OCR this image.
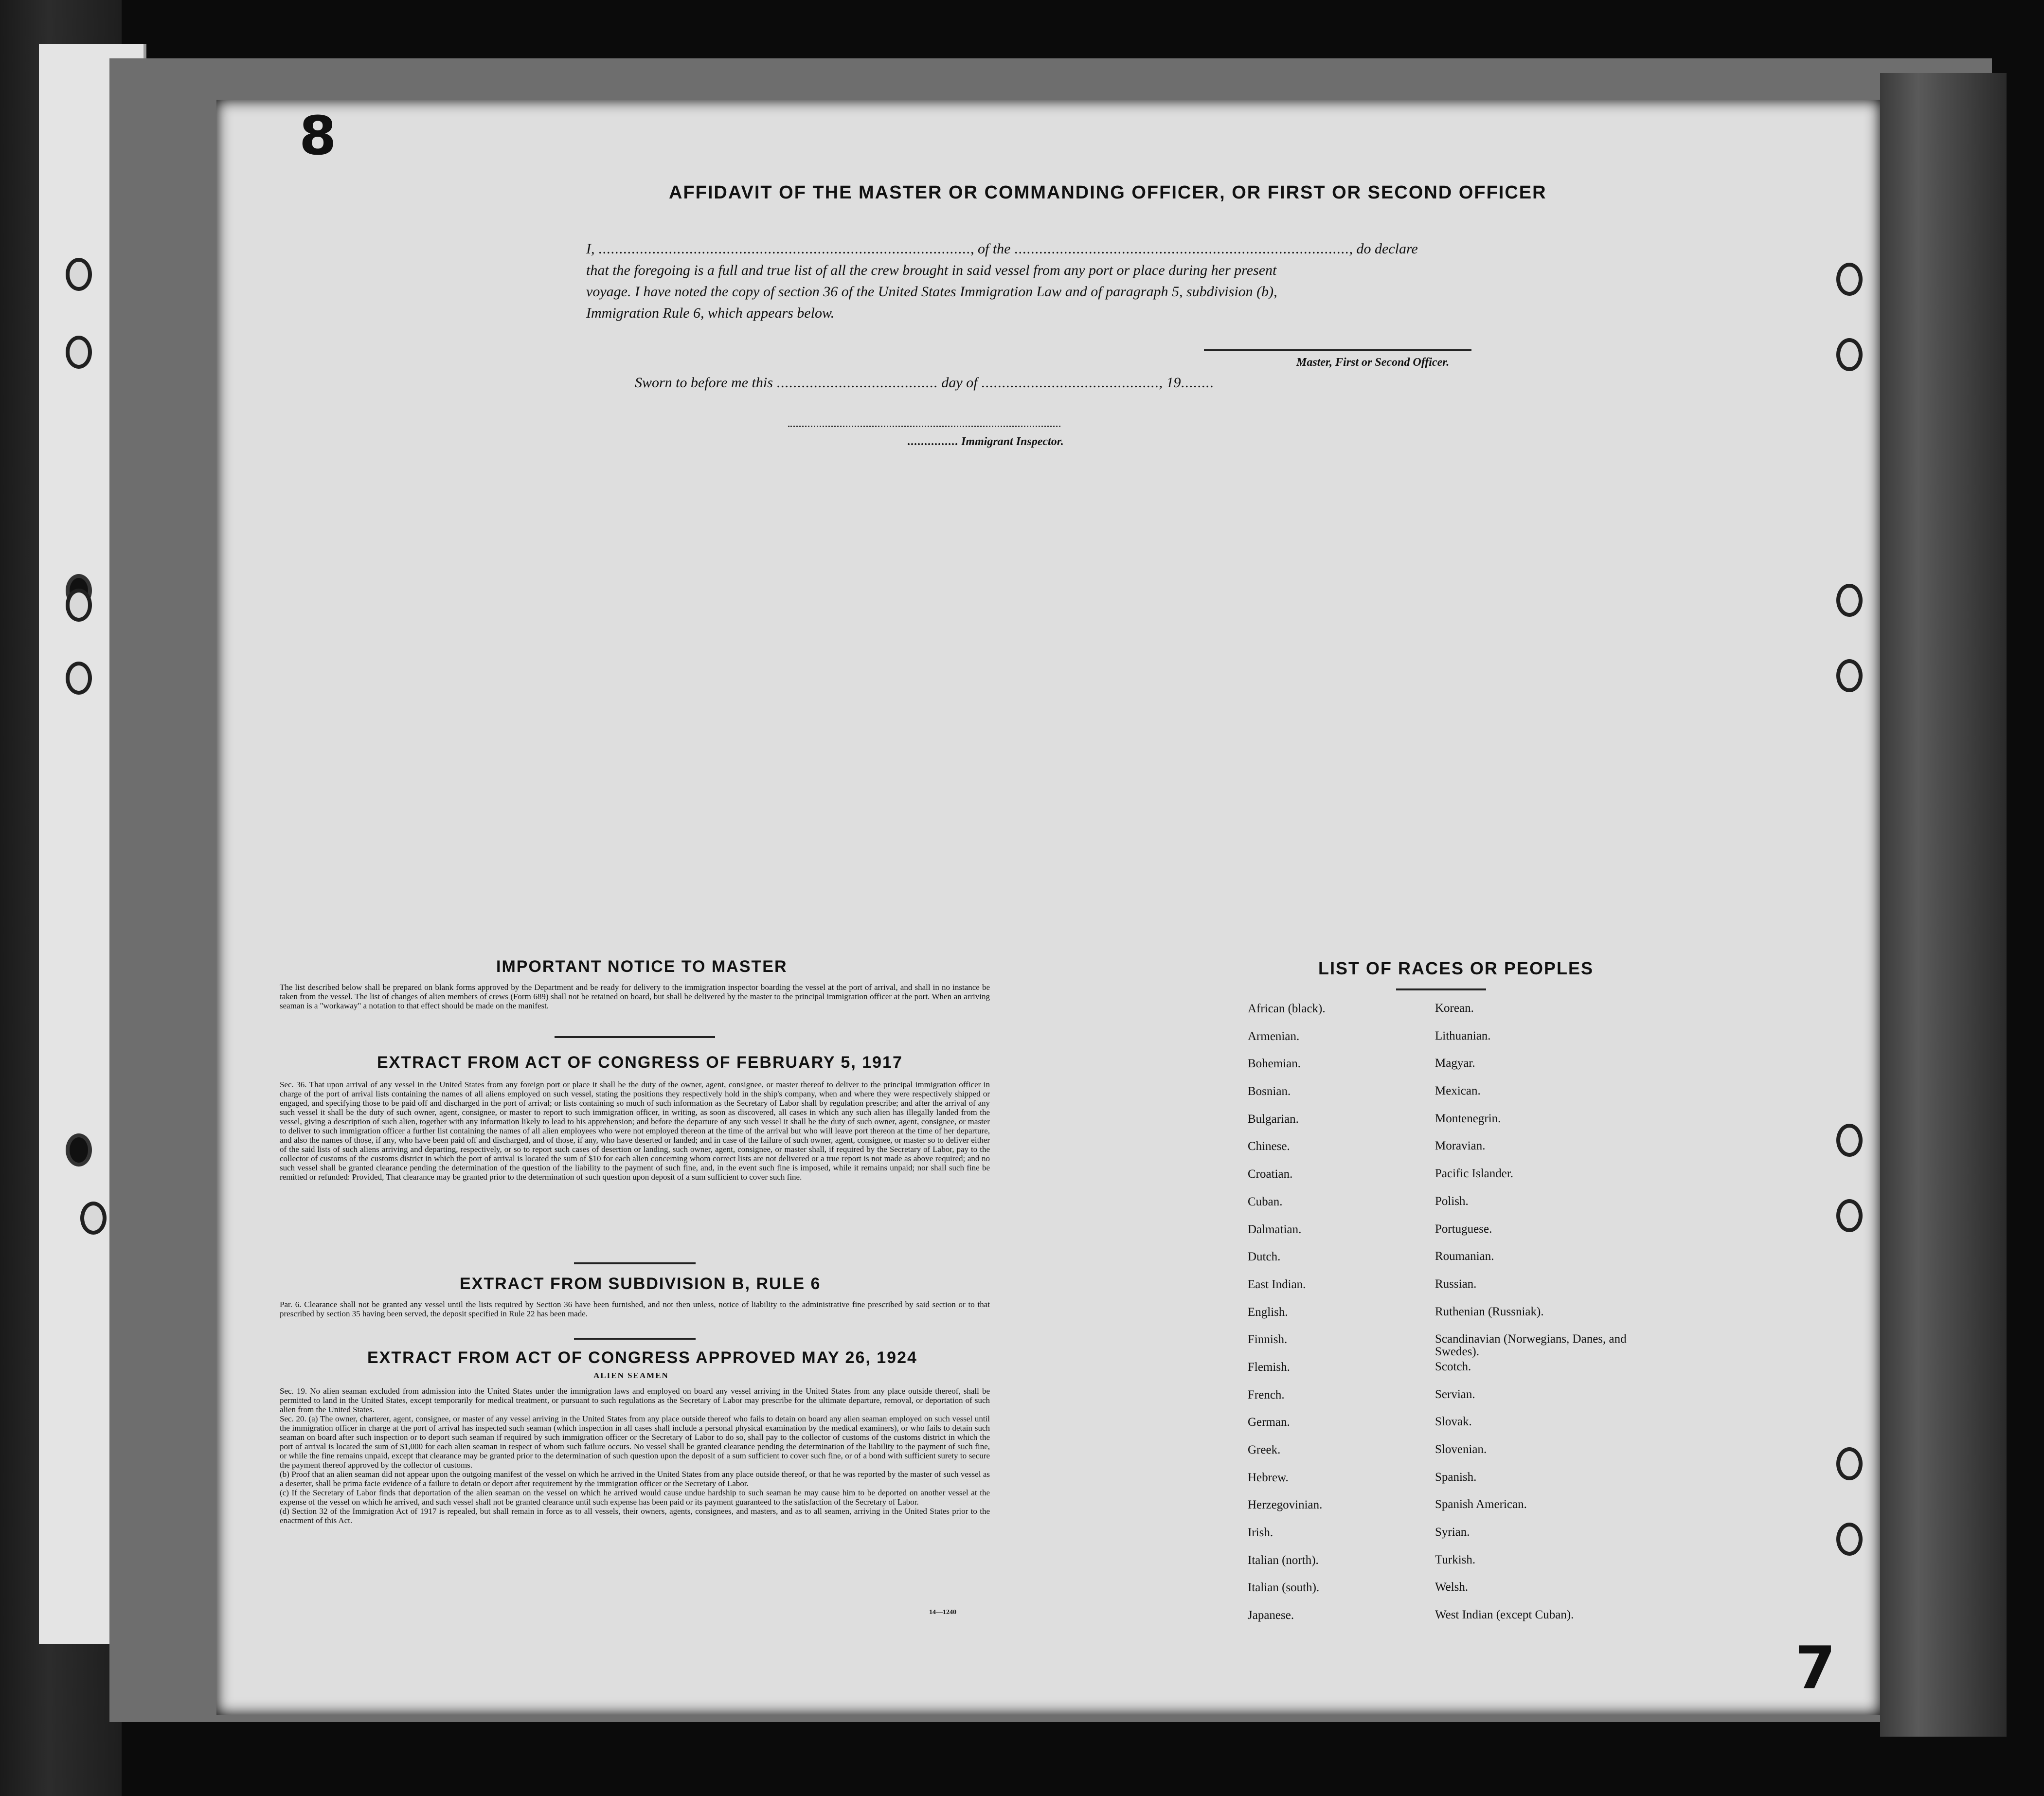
8
7
AFFIDAVIT OF THE MASTER OR COMMANDING OFFICER, OR FIRST OR SECOND OFFICER

I, .........................................................................................., of the ................................................................................., do declare

that the foregoing is a full and true list of all the crew brought in said vessel from any port or place during her present

voyage. I have noted the copy of section 36 of the United States Immigration Law and of paragraph 5, subdivision (b),

Immigration Rule 6, which appears below.

Master, First or Second Officer.
Sworn to before me this ....................................... day of ..........................................., 19........
............... Immigrant Inspector.
IMPORTANT NOTICE TO MASTER
The list described below shall be prepared on blank forms approved by the Department and be ready for delivery to the immigration inspector boarding the vessel at the port of arrival, and shall in no instance be taken from the vessel. The list of changes of alien members of crews (Form 689) shall not be retained on board, but shall be delivered by the master to the principal immigration officer at the port. When an arriving seaman is a "workaway" a notation to that effect should be made on the manifest.
EXTRACT FROM ACT OF CONGRESS OF FEBRUARY 5, 1917
Sec. 36. That upon arrival of any vessel in the United States from any foreign port or place it shall be the duty of the owner, agent, consignee, or master thereof to deliver to the principal immigration officer in charge of the port of arrival lists containing the names of all aliens employed on such vessel, stating the positions they respectively hold in the ship's company, when and where they were respectively shipped or engaged, and specifying those to be paid off and discharged in the port of arrival; or lists containing so much of such information as the Secretary of Labor shall by regulation prescribe; and after the arrival of any such vessel it shall be the duty of such owner, agent, consignee, or master to report to such immigration officer, in writing, as soon as discovered, all cases in which any such alien has illegally landed from the vessel, giving a description of such alien, together with any information likely to lead to his apprehension; and before the departure of any such vessel it shall be the duty of such owner, agent, consignee, or master to deliver to such immigration officer a further list containing the names of all alien employees who were not employed thereon at the time of the arrival but who will leave port thereon at the time of her departure, and also the names of those, if any, who have been paid off and discharged, and of those, if any, who have deserted or landed; and in case of the failure of such owner, agent, consignee, or master so to deliver either of the said lists of such aliens arriving and departing, respectively, or so to report such cases of desertion or landing, such owner, agent, consignee, or master shall, if required by the Secretary of Labor, pay to the collector of customs of the customs district in which the port of arrival is located the sum of $10 for each alien concerning whom correct lists are not delivered or a true report is not made as above required; and no such vessel shall be granted clearance pending the determination of the question of the liability to the payment of such fine, and, in the event such fine is imposed, while it remains unpaid; nor shall such fine be remitted or refunded: Provided, That clearance may be granted prior to the determination of such question upon deposit of a sum sufficient to cover such fine.
EXTRACT FROM SUBDIVISION B, RULE 6
Par. 6. Clearance shall not be granted any vessel until the lists required by Section 36 have been furnished, and not then unless, notice of liability to the administrative fine prescribed by said section or to that prescribed by section 35 having been served, the deposit specified in Rule 22 has been made.
EXTRACT FROM ACT OF CONGRESS APPROVED MAY 26, 1924
ALIEN SEAMEN
Sec. 19. No alien seaman excluded from admission into the United States under the immigration laws and employed on board any vessel arriving in the United States from any place outside thereof, shall be permitted to land in the United States, except temporarily for medical treatment, or pursuant to such regulations as the Secretary of Labor may prescribe for the ultimate departure, removal, or deportation of such alien from the United States.
Sec. 20. (a) The owner, charterer, agent, consignee, or master of any vessel arriving in the United States from any place outside thereof who fails to detain on board any alien seaman employed on such vessel until the immigration officer in charge at the port of arrival has inspected such seaman (which inspection in all cases shall include a personal physical examination by the medical examiners), or who fails to detain such seaman on board after such inspection or to deport such seaman if required by such immigration officer or the Secretary of Labor to do so, shall pay to the collector of customs of the customs district in which the port of arrival is located the sum of $1,000 for each alien seaman in respect of whom such failure occurs. No vessel shall be granted clearance pending the determination of the liability to the payment of such fine, or while the fine remains unpaid, except that clearance may be granted prior to the determination of such question upon the deposit of a sum sufficient to cover such fine, or of a bond with sufficient surety to secure the payment thereof approved by the collector of customs.
(b) Proof that an alien seaman did not appear upon the outgoing manifest of the vessel on which he arrived in the United States from any place outside thereof, or that he was reported by the master of such vessel as a deserter, shall be prima facie evidence of a failure to detain or deport after requirement by the immigration officer or the Secretary of Labor.
(c) If the Secretary of Labor finds that deportation of the alien seaman on the vessel on which he arrived would cause undue hardship to such seaman he may cause him to be deported on another vessel at the expense of the vessel on which he arrived, and such vessel shall not be granted clearance until such expense has been paid or its payment guaranteed to the satisfaction of the Secretary of Labor.
(d) Section 32 of the Immigration Act of 1917 is repealed, but shall remain in force as to all vessels, their owners, agents, consignees, and masters, and as to all seamen, arriving in the United States prior to the enactment of this Act.
14—1240
LIST OF RACES OR PEOPLES
African (black).	Korean.
Armenian.	Lithuanian.
Bohemian.	Magyar.
Bosnian.	Mexican.
Bulgarian.	Montenegrin.
Chinese.	Moravian.
Croatian.	Pacific Islander.
Cuban.	Polish.
Dalmatian.	Portuguese.
Dutch.	Roumanian.
East Indian.	Russian.
English.	Ruthenian (Russniak).
Finnish.	Scandinavian (Norwegians, Danes, and Swedes).
Flemish.	Scotch.
French.	Servian.
German.	Slovak.
Greek.	Slovenian.
Hebrew.	Spanish.
Herzegovinian.	Spanish American.
Irish.	Syrian.
Italian (north).	Turkish.
Italian (south).	Welsh.
Japanese.	West Indian (except Cuban).
